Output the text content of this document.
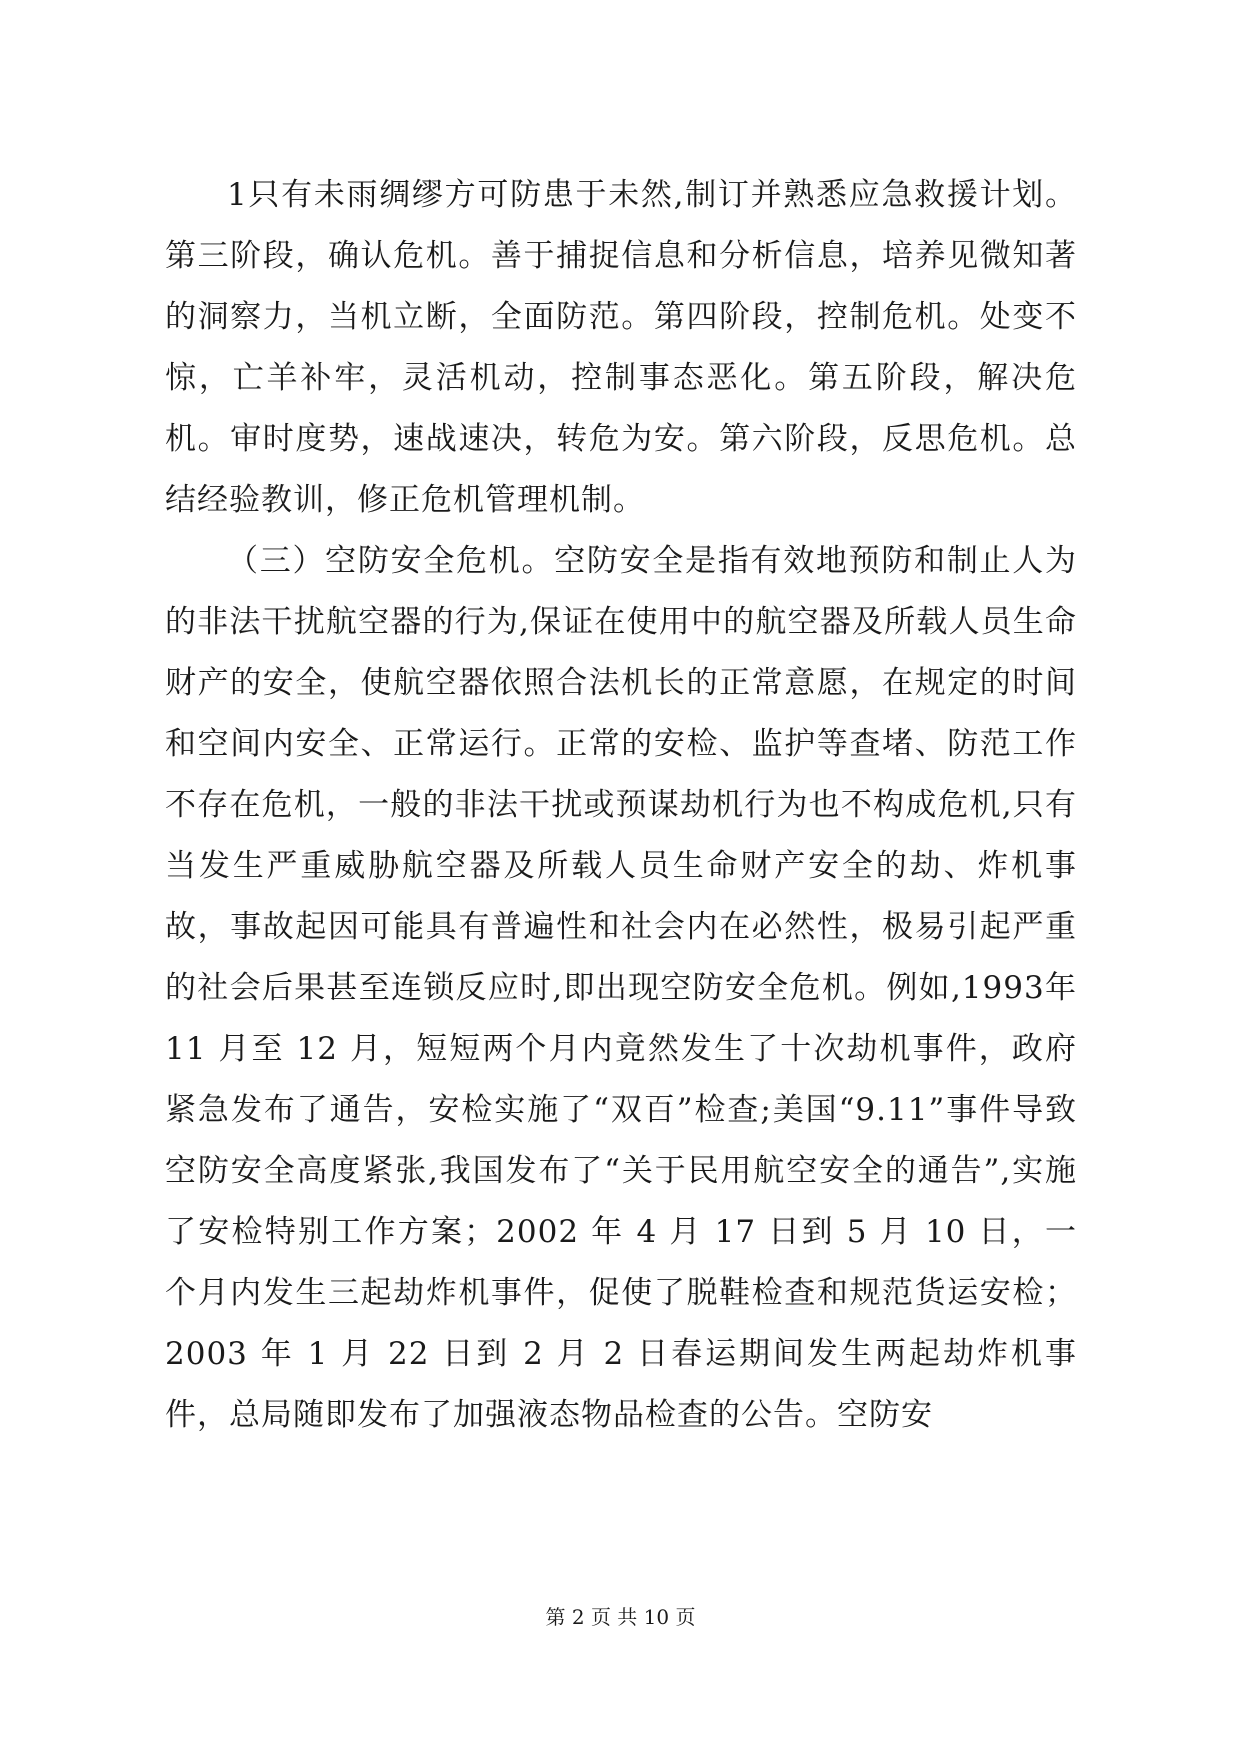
1只有未雨绸缪方可防患于未然,制订并熟悉应急救援计划。第三阶段，确认危机。善于捕捉信息和分析信息，培养见微知著的洞察力，当机立断，全面防范。第四阶段，控制危机。处变不惊，亡羊补牢，灵活机动，控制事态恶化。第五阶段，解决危机。审时度势，速战速决，转危为安。第六阶段，反思危机。总结经验教训，修正危机管理机制。

（三）空防安全危机。空防安全是指有效地预防和制止人为的非法干扰航空器的行为,保证在使用中的航空器及所载人员生命财产的安全，使航空器依照合法机长的正常意愿，在规定的时间和空间内安全、正常运行。正常的安检、监护等查堵、防范工作不存在危机，一般的非法干扰或预谋劫机行为也不构成危机,只有当发生严重威胁航空器及所载人员生命财产安全的劫、炸机事故，事故起因可能具有普遍性和社会内在必然性，极易引起严重的社会后果甚至连锁反应时,即出现空防安全危机。例如,1993年 11 月至 12 月，短短两个月内竟然发生了十次劫机事件，政府紧急发布了通告，安检实施了“双百”检查;美国“9.11”事件导致空防安全高度紧张,我国发布了“关于民用航空安全的通告”,实施了安检特别工作方案；2002 年 4 月 17 日到 5 月 10 日，一个月内发生三起劫炸机事件，促使了脱鞋检查和规范货运安检；2003 年 1 月 22 日到 2 月 2 日春运期间发生两起劫炸机事件，总局随即发布了加强液态物品检查的公告。空防安

第 2 页 共 10 页
